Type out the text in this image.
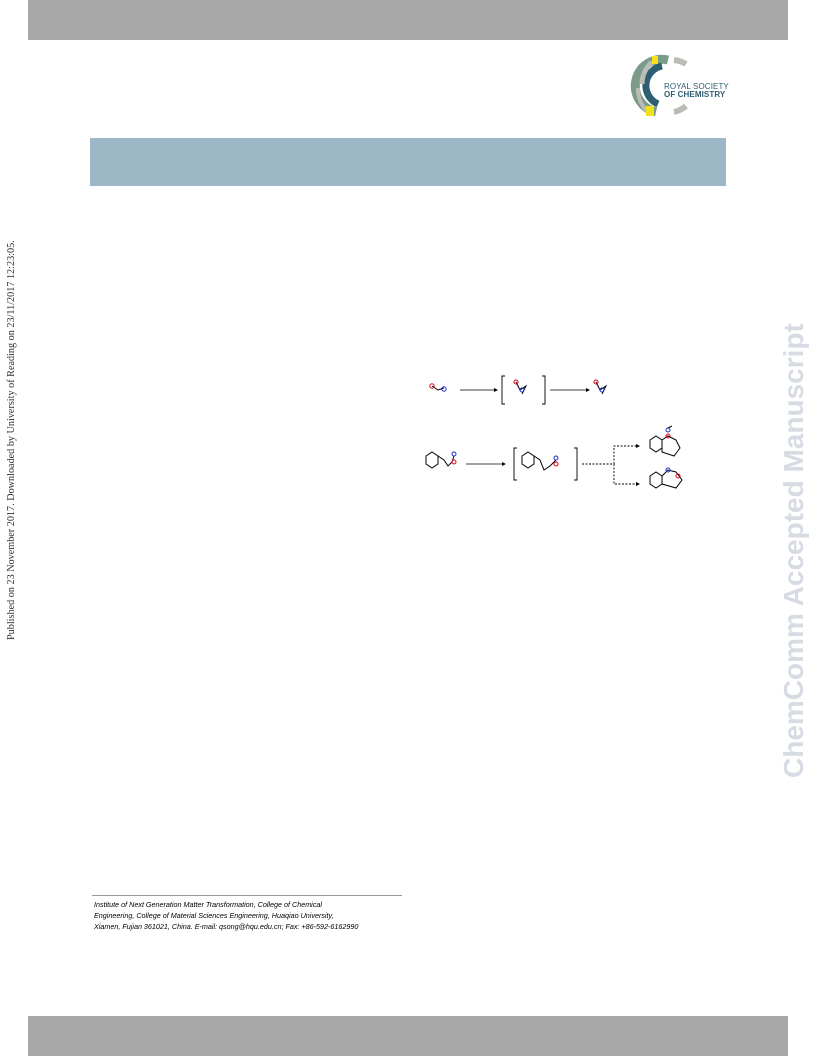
ROYAL SOCIETY
OF CHEMISTRY
Published on 23 November 2017. Downloaded by University of Reading on 23/11/2017 12:23:05.	ChemComm Accepted Manuscript
Institute of Next Generation Matter Transformation, College of Chemical
Engineering, College of Material Sciences Engineering, Huaqiao University,
Xiamen, Fujian 361021, China. E-mail: qsong@hqu.edu.cn; Fax: +86-592-6162990
